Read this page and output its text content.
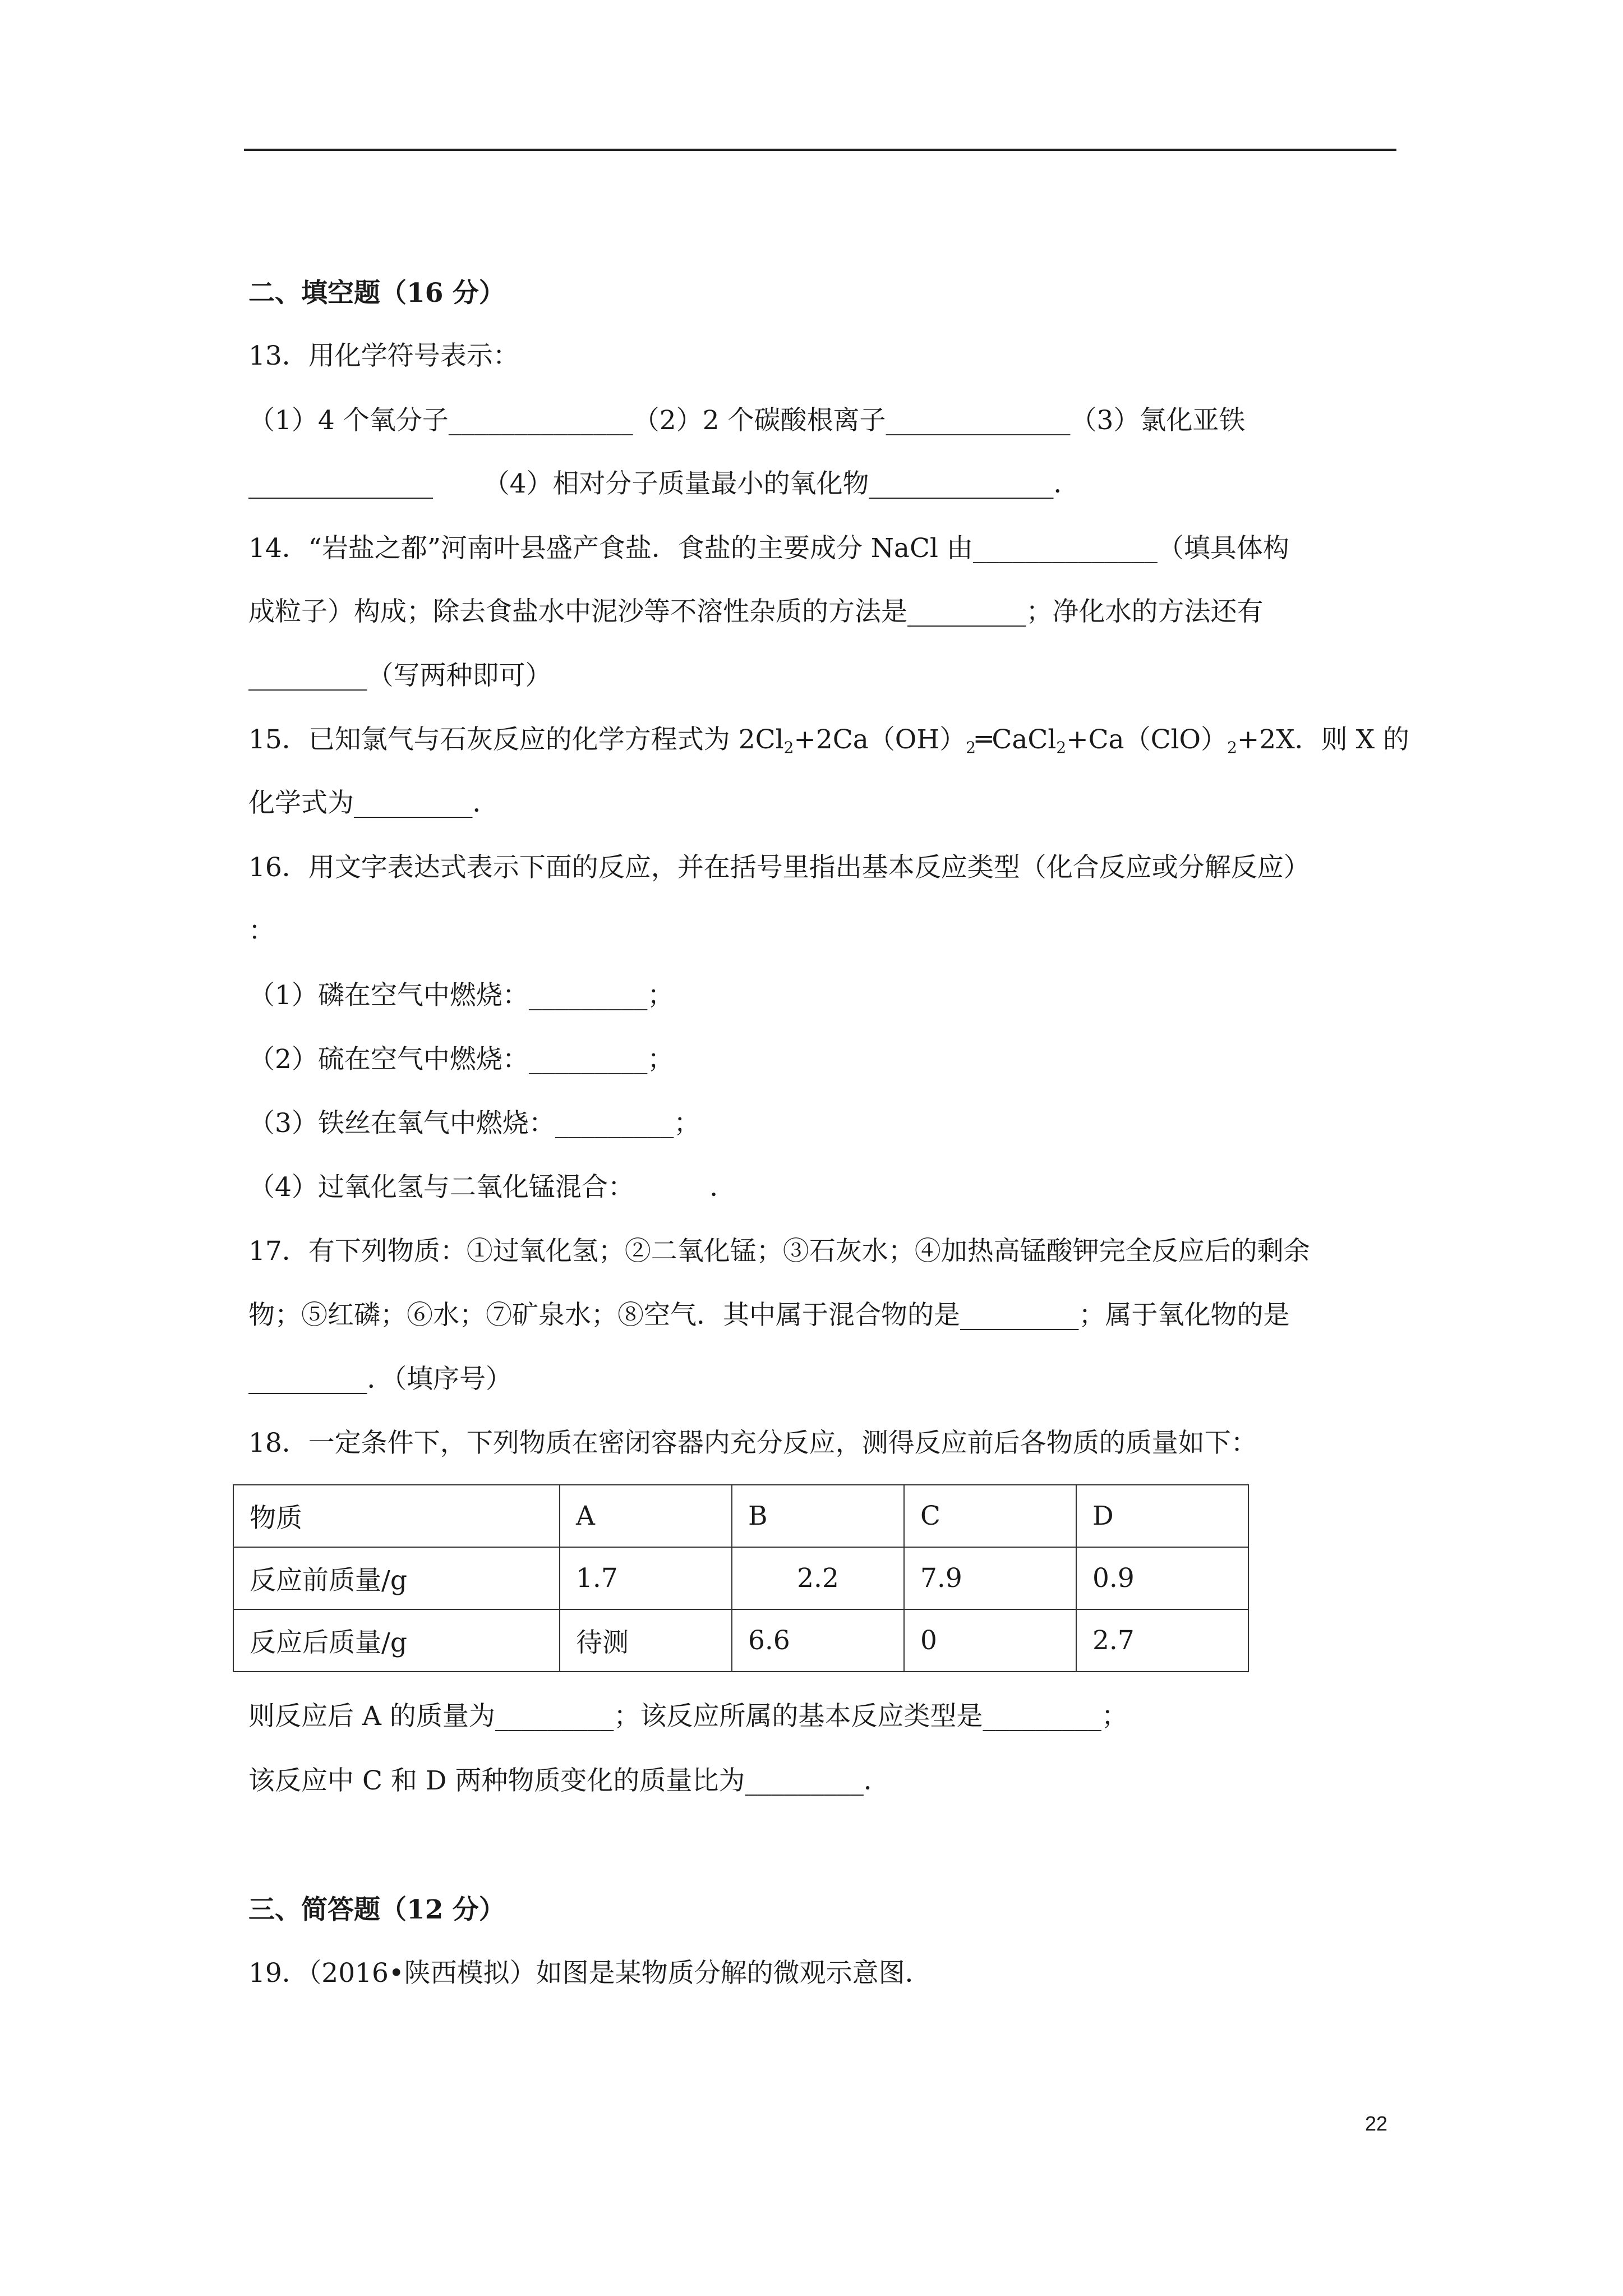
二、填空题（16 分）
13．用化学符号表示：
（1）4 个氧分子______________（2）2 个碳酸根离子______________（3）氯化亚铁
______________      （4）相对分子质量最小的氧化物______________．
14．“岩盐之都”河南叶县盛产食盐．食盐的主要成分 NaCl 由______________（填具体构
成粒子）构成；除去食盐水中泥沙等不溶性杂质的方法是_________；净化水的方法还有
_________（写两种即可）
15．已知氯气与石灰反应的化学方程式为 $2Cl_2+2Ca(OH)_2═CaCl_2+Ca(ClO)_2+2X$．则 X 的
化学式为_________．
16．用文字表达式表示下面的反应，并在括号里指出基本反应类型（化合反应或分解反应）
：
（1）磷在空气中燃烧：_________；
（2）硫在空气中燃烧：_________；
（3）铁丝在氧气中燃烧：_________；
（4）过氧化氢与二氧化锰混合：         ．
17．有下列物质：①过氧化氢；②二氧化锰；③石灰水；④加热高锰酸钾完全反应后的剩余
物；⑤红磷；⑥水；⑦矿泉水；⑧空气．其中属于混合物的是_________；属于氧化物的是
_________．（填序号）
18．一定条件下，下列物质在密闭容器内充分反应，测得反应前后各物质的质量如下：
物质	A	B	C	D
反应前质量/g	1.7	2.2	7.9	0.9
反应后质量/g	待测	6.6	0	2.7
则反应后 A 的质量为_________；该反应所属的基本反应类型是_________；
该反应中 C 和 D 两种物质变化的质量比为_________．
三、简答题（12 分）
19．（2016•陕西模拟）如图是某物质分解的微观示意图．
22
